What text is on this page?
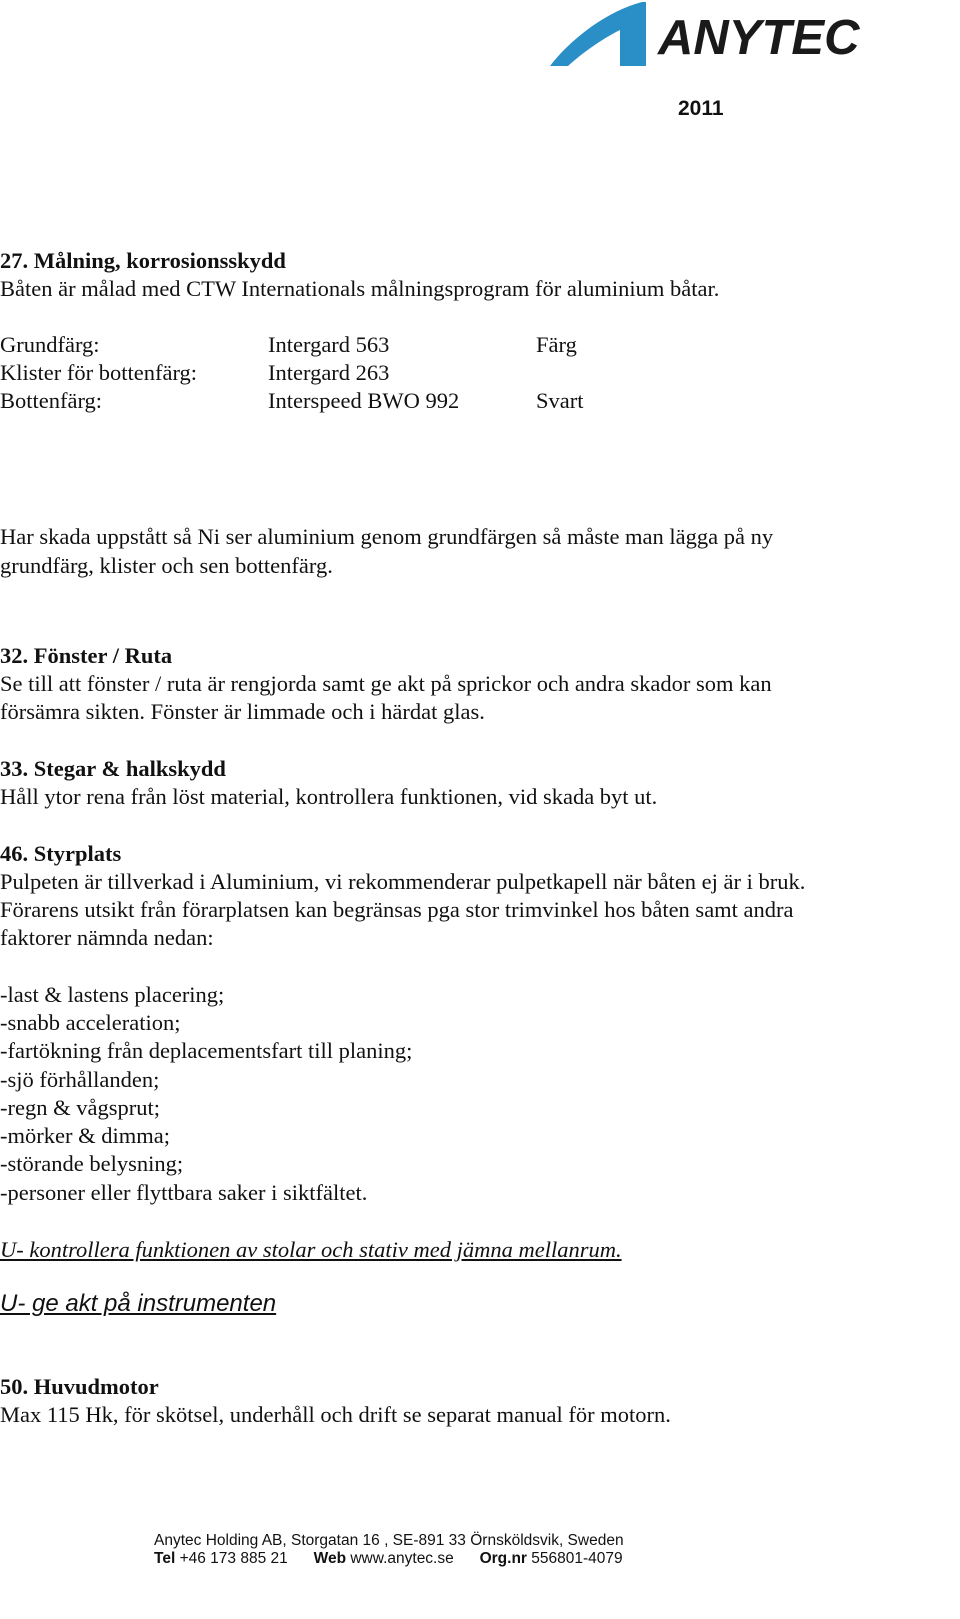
ANYTEC
2011
27. Målning, korrosionsskydd
Båten är målad med CTW Internationals målningsprogram för aluminium båtar.
Grundfärg:	Intergard 563	Färg
Klister för bottenfärg:	Intergard 263
Bottenfärg:	Interspeed BWO 992	Svart
Har skada uppstått så Ni ser aluminium genom grundfärgen så måste man lägga på ny
grundfärg, klister och sen bottenfärg.
32. Fönster / Ruta
Se till att fönster / ruta är rengjorda samt ge akt på sprickor och andra skador som kan
försämra sikten. Fönster är limmade och i härdat glas.
33. Stegar & halkskydd
Håll ytor rena från löst material, kontrollera funktionen, vid skada byt ut.
46. Styrplats
Pulpeten är tillverkad i Aluminium, vi rekommenderar pulpetkapell när båten ej är i bruk.
Förarens utsikt från förarplatsen kan begränsas pga stor trimvinkel hos båten samt andra
faktorer nämnda nedan:
-last & lastens placering;
-snabb acceleration;
-fartökning från deplacementsfart till planing;
-sjö förhållanden;
-regn & vågsprut;
-mörker & dimma;
-störande belysning;
-personer eller flyttbara saker i siktfältet.
U- kontrollera funktionen av stolar och stativ med jämna mellanrum.
U- ge akt på instrumenten
50. Huvudmotor
Max 115 Hk, för skötsel, underhåll och drift se separat manual för motorn.
Anytec Holding AB, Storgatan 16 , SE-891 33 Örnsköldsvik, Sweden
Tel +46 173 885 21 Web www.anytec.se Org.nr 556801-4079
